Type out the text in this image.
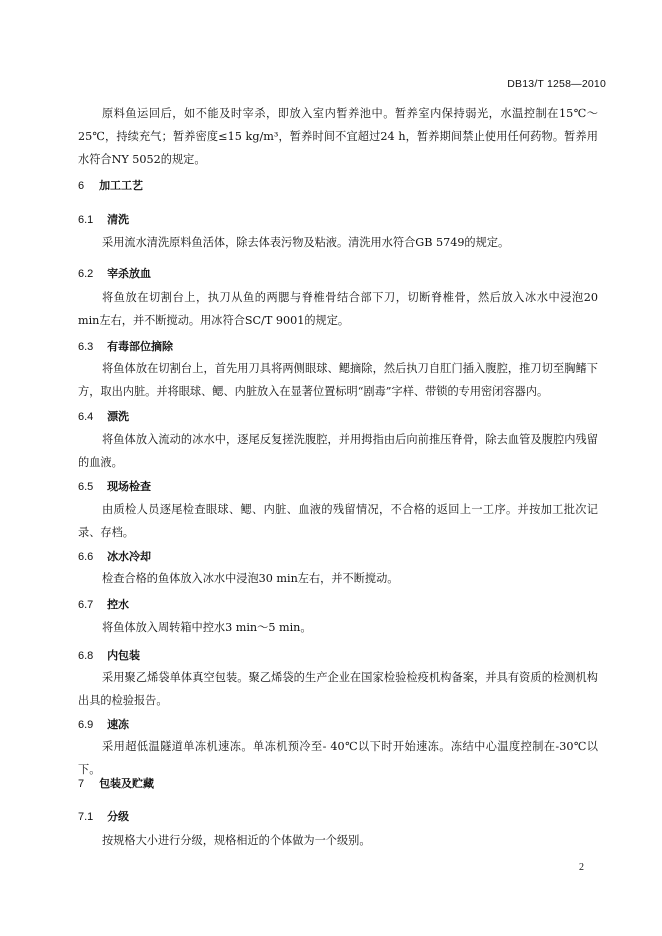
DB13/T 1258—2010
原料鱼运回后，如不能及时宰杀，即放入室内暂养池中。暂养室内保持弱光，水温控制在15℃～25℃，持续充气；暂养密度≤15 kg/m³，暂养时间不宜超过24 h，暂养期间禁止使用任何药物。暂养用水符合NY 5052的规定。
6 加工工艺
6.1 清洗
采用流水清洗原料鱼活体，除去体表污物及粘液。清洗用水符合GB 5749的规定。
6.2 宰杀放血
将鱼放在切割台上，执刀从鱼的两腮与脊椎骨结合部下刀，切断脊椎骨，然后放入冰水中浸泡20 min左右，并不断搅动。用冰符合SC/T 9001的规定。
6.3 有毒部位摘除
将鱼体放在切割台上，首先用刀具将两侧眼球、鳃摘除，然后执刀自肛门插入腹腔，推刀切至胸鳍下方，取出内脏。并将眼球、鳃、内脏放入在显著位置标明“剧毒”字样、带锁的专用密闭容器内。
6.4 漂洗
将鱼体放入流动的冰水中，逐尾反复搓洗腹腔，并用拇指由后向前推压脊骨，除去血管及腹腔内残留的血液。
6.5 现场检查
由质检人员逐尾检查眼球、鳃、内脏、血液的残留情况，不合格的返回上一工序。并按加工批次记录、存档。
6.6 冰水冷却
检查合格的鱼体放入冰水中浸泡30 min左右，并不断搅动。
6.7 控水
将鱼体放入周转箱中控水3 min～5 min。
6.8 内包装
采用聚乙烯袋单体真空包装。聚乙烯袋的生产企业在国家检验检疫机构备案，并具有资质的检测机构出具的检验报告。
6.9 速冻
采用超低温隧道单冻机速冻。单冻机预冷至- 40℃以下时开始速冻。冻结中心温度控制在-30℃以下。
7 包装及贮藏
7.1 分级
按规格大小进行分级，规格相近的个体做为一个级别。
2
